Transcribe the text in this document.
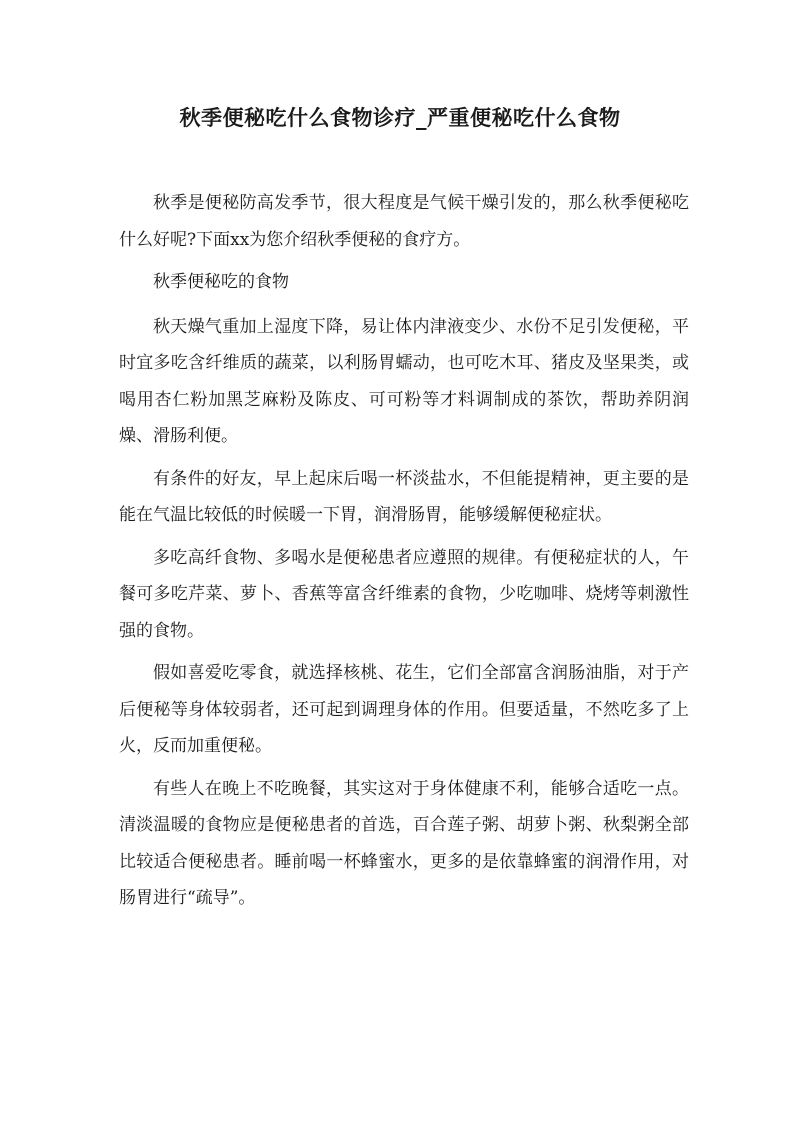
秋季便秘吃什么食物诊疗_严重便秘吃什么食物

秋季是便秘防高发季节，很大程度是气候干燥引发的，那么秋季便秘吃什么好呢?下面xx为您介绍秋季便秘的食疗方。

秋季便秘吃的食物

秋天燥气重加上湿度下降，易让体内津液变少、水份不足引发便秘，平时宜多吃含纤维质的蔬菜，以利肠胃蠕动，也可吃木耳、猪皮及坚果类，或喝用杏仁粉加黑芝麻粉及陈皮、可可粉等才料调制成的茶饮，帮助养阴润燥、滑肠利便。

有条件的好友，早上起床后喝一杯淡盐水，不但能提精神，更主要的是能在气温比较低的时候暖一下胃，润滑肠胃，能够缓解便秘症状。

多吃高纤食物、多喝水是便秘患者应遵照的规律。有便秘症状的人，午餐可多吃芹菜、萝卜、香蕉等富含纤维素的食物，少吃咖啡、烧烤等刺激性强的食物。

假如喜爱吃零食，就选择核桃、花生，它们全部富含润肠油脂，对于产后便秘等身体较弱者，还可起到调理身体的作用。但要适量，不然吃多了上火，反而加重便秘。

有些人在晚上不吃晚餐，其实这对于身体健康不利，能够合适吃一点。清淡温暖的食物应是便秘患者的首选，百合莲子粥、胡萝卜粥、秋梨粥全部比较适合便秘患者。睡前喝一杯蜂蜜水，更多的是依靠蜂蜜的润滑作用，对肠胃进行“疏导”。
